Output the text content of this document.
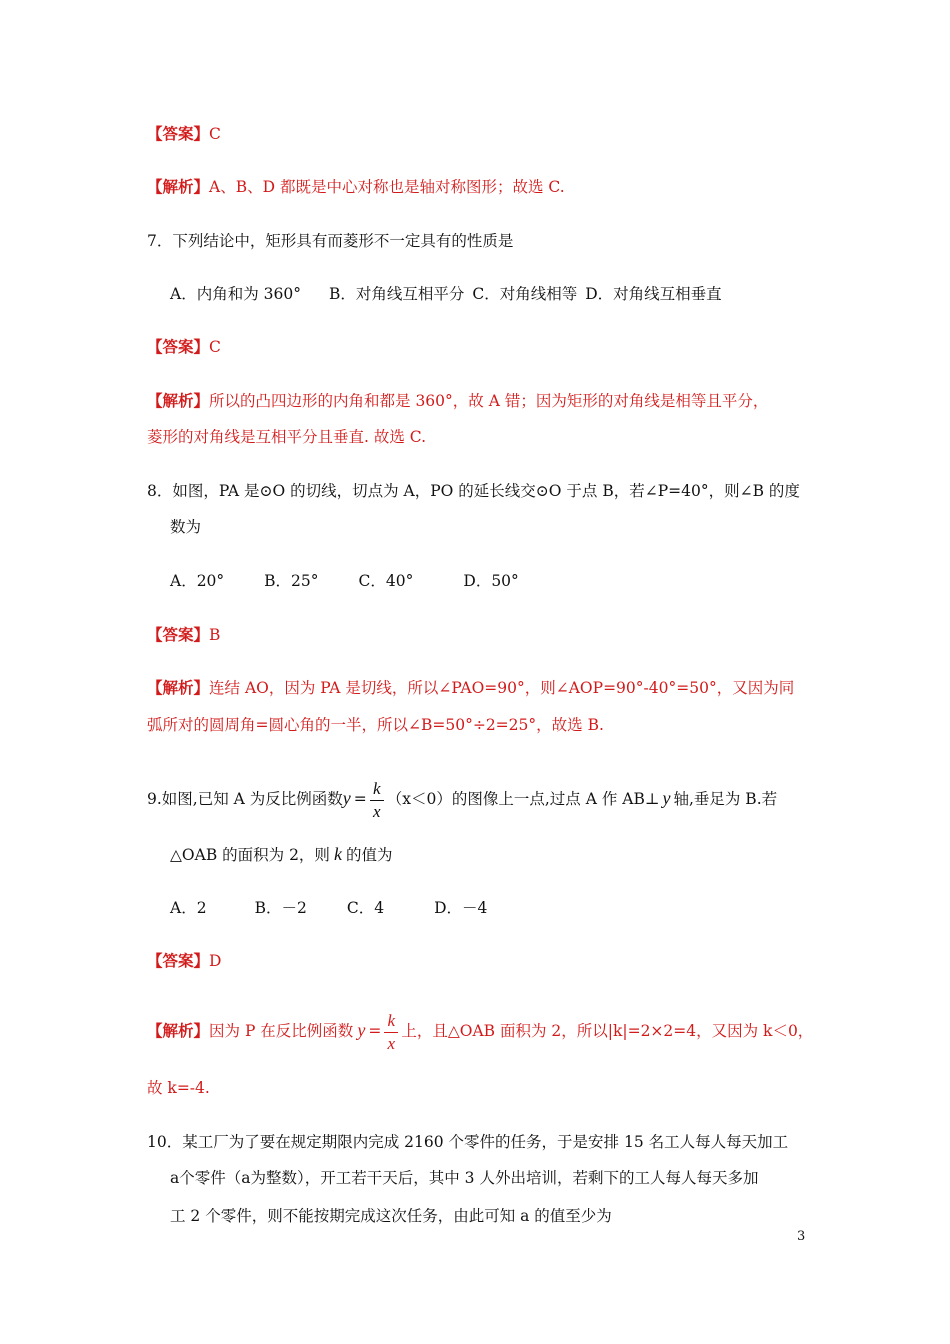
【答案】C
【解析】A、B、D 都既是中心对称也是轴对称图形；故选 C.
7．下列结论中，矩形具有而菱形不一定具有的性质是
A．内角和为 360° B．对角线互相平分 C．对角线相等 D．对角线互相垂直
【答案】C
【解析】所以的凸四边形的内角和都是 360°，故 A 错；因为矩形的对角线是相等且平分，
菱形的对角线是互相平分且垂直. 故选 C.
8．如图，PA 是⊙O 的切线，切点为 A，PO 的延长线交⊙O 于点 B，若∠P=40°，则∠B 的度
数为
A．20°	B．25°	C．40°	D．50°
【答案】B
【解析】连结 AO，因为 PA 是切线，所以∠PAO=90°，则∠AOP=90°-40°=50°，又因为同
弧所对的圆周角=圆心角的一半，所以∠B=50°÷2=25°，故选 B.
9.如图,已知 A 为反比例函数$y = \frac{k}{x} (x<0)$的图像上一点,过点 A 作 AB⊥ y 轴,垂足为 B.若
△OAB 的面积为 2，则 k 的值为
A．2	B．－2	C．4	D．－4
【答案】D
【解析】因为 P 在反比例函数 $y = \frac{k}{x}$ 上，且△OAB 面积为 2，所以|k|=2×2=4，又因为 k＜0，
故 k=-4.
10．某工厂为了要在规定期限内完成 2160 个零件的任务，于是安排 15 名工人每人每天加工
a个零件（a为整数），开工若干天后，其中 3 人外出培训，若剩下的工人每人每天多加
工 2 个零件，则不能按期完成这次任务，由此可知 a 的值至少为
3
